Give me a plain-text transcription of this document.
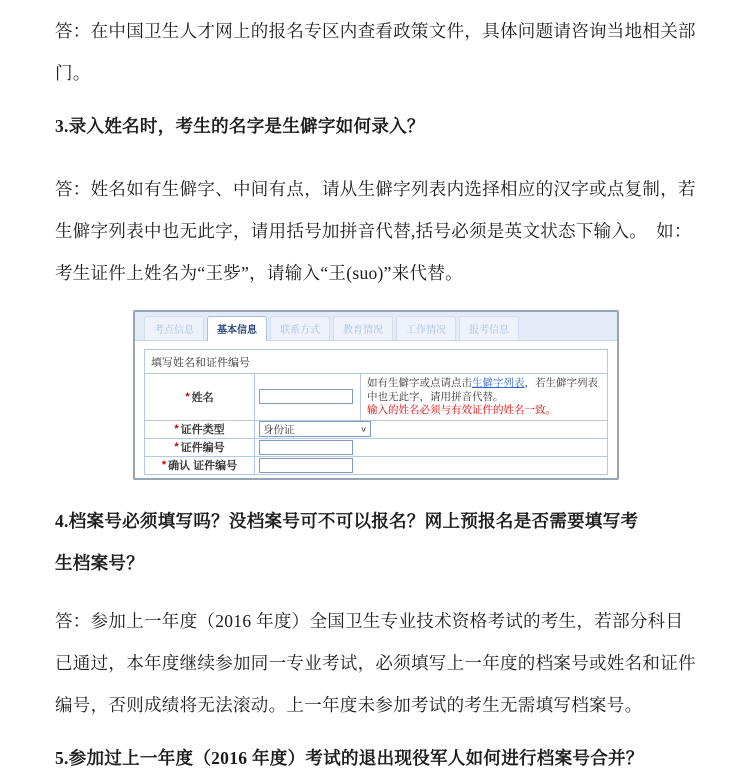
答：在中国卫生人才网上的报名专区内查看政策文件，具体问题请咨询当地相关部
门。
3.录入姓名时，考生的名字是生僻字如何录入？
答：姓名如有生僻字、中间有点，请从生僻字列表内选择相应的汉字或点复制，若
生僻字列表中也无此字，请用括号加拼音代替,括号必须是英文状态下输入。　如：
考生证件上姓名为“王㱔”，请输入“王(suo)”来代替。
考点信息	基本信息	联系方式	教育情况	工作情况	报考信息
填写姓名和证件编号
* 姓名
如有生僻字或点请点击生僻字列表，若生僻字列表中也无此字，请用拼音代替。
输入的姓名必须与有效证件的姓名一致。
* 证件类型	身份证	∨
* 证件编号
* 确认 证件编号
4.档案号必须填写吗？没档案号可不可以报名？网上预报名是否需要填写考
生档案号？
答：参加上一年度（2016 年度）全国卫生专业技术资格考试的考生，若部分科目
已通过，本年度继续参加同一专业考试，必须填写上一年度的档案号或姓名和证件
编号，否则成绩将无法滚动。上一年度未参加考试的考生无需填写档案号。
5.参加过上一年度（2016 年度）考试的退出现役军人如何进行档案号合并？
